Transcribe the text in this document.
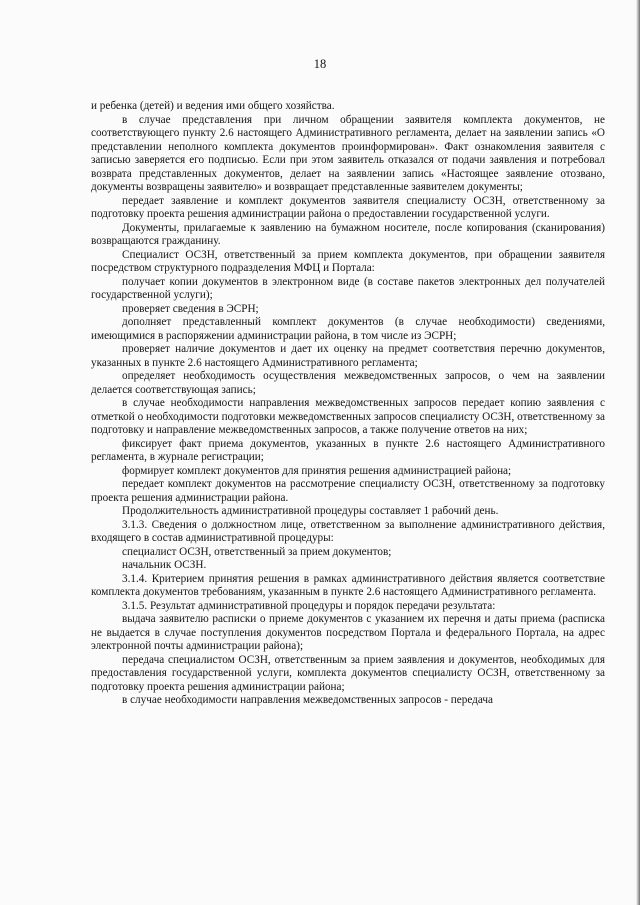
18

и ребенка (детей) и ведения ими общего хозяйства.

в случае представления при личном обращении заявителя комплекта документов, не соответствующего пункту 2.6 настоящего Административного регламента, делает на заявлении запись «О представлении неполного комплекта документов проинформирован». Факт ознакомления заявителя с записью заверяется его подписью. Если при этом заявитель отказался от подачи заявления и потребовал возврата представленных документов, делает на заявлении запись «Настоящее заявление отозвано, документы возвращены заявителю» и возвращает представленные заявителем документы;

передает заявление и комплект документов заявителя специалисту ОСЗН, ответственному за подготовку проекта решения администрации района о предоставлении государственной услуги.

Документы, прилагаемые к заявлению на бумажном носителе, после копирования (сканирования) возвращаются гражданину.

Специалист ОСЗН, ответственный за прием комплекта документов, при обращении заявителя посредством структурного подразделения МФЦ и Портала:

получает копии документов в электронном виде (в составе пакетов электронных дел получателей государственной услуги);

проверяет сведения в ЭСРН;

дополняет представленный комплект документов (в случае необходимости) сведениями, имеющимися в распоряжении администрации района, в том числе из ЭСРН;

проверяет наличие документов и дает их оценку на предмет соответствия перечню документов, указанных в пункте 2.6 настоящего Административного регламента;

определяет необходимость осуществления межведомственных запросов, о чем на заявлении делается соответствующая запись;

в случае необходимости направления межведомственных запросов передает копию заявления с отметкой о необходимости подготовки межведомственных запросов специалисту ОСЗН, ответственному за подготовку и направление межведомственных запросов, а также получение ответов на них;

фиксирует факт приема документов, указанных в пункте 2.6 настоящего Административного регламента, в журнале регистрации;

формирует комплект документов для принятия решения администрацией района;

передает комплект документов на рассмотрение специалисту ОСЗН, ответственному за подготовку проекта решения администрации района.

Продолжительность административной процедуры составляет 1 рабочий день.

3.1.3. Сведения о должностном лице, ответственном за выполнение административного действия, входящего в состав административной процедуры:

специалист ОСЗН, ответственный за прием документов;

начальник ОСЗН.

3.1.4. Критерием принятия решения в рамках административного действия является соответствие комплекта документов требованиям, указанным в пункте 2.6 настоящего Административного регламента.

3.1.5. Результат административной процедуры и порядок передачи результата:

выдача заявителю расписки о приеме документов с указанием их перечня и даты приема (расписка не выдается в случае поступления документов посредством Портала и федерального Портала, на адрес электронной почты администрации района);

передача специалистом ОСЗН, ответственным за прием заявления и документов, необходимых для предоставления государственной услуги, комплекта документов специалисту ОСЗН, ответственному за подготовку проекта решения администрации района;

в случае необходимости направления межведомственных запросов - передача
